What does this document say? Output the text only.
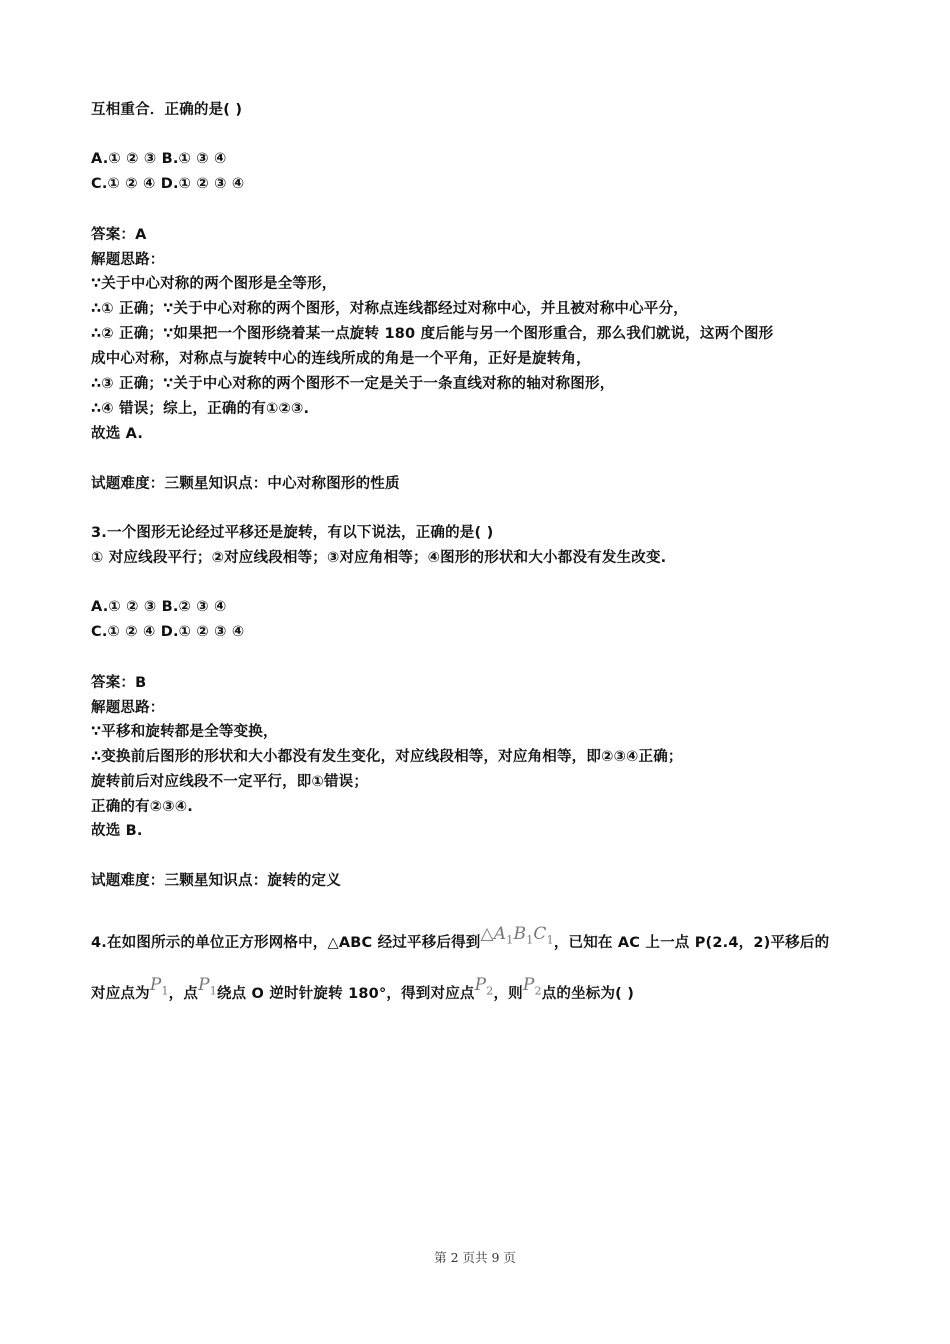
互相重合．正确的是( )
A.① ② ③ B.① ③ ④
C.① ② ④ D.① ② ③ ④
答案：A
解题思路：
∵关于中心对称的两个图形是全等形，
∴① 正确；∵关于中心对称的两个图形，对称点连线都经过对称中心，并且被对称中心平分，
∴② 正确；∵如果把一个图形绕着某一点旋转 180 度后能与另一个图形重合，那么我们就说，这两个图形
成中心对称，对称点与旋转中心的连线所成的角是一个平角，正好是旋转角，
∴③ 正确；∵关于中心对称的两个图形不一定是关于一条直线对称的轴对称图形，
∴④ 错误；综上，正确的有①②③.
故选 A.
试题难度：三颗星知识点：中心对称图形的性质
3.一个图形无论经过平移还是旋转，有以下说法，正确的是( )
① 对应线段平行；②对应线段相等；③对应角相等；④图形的形状和大小都没有发生改变.
A.① ② ③ B.② ③ ④
C.① ② ④ D.① ② ③ ④
答案：B
解题思路：
∵平移和旋转都是全等变换，
∴变换前后图形的形状和大小都没有发生变化，对应线段相等，对应角相等，即②③④正确；
旋转前后对应线段不一定平行，即①错误；
正确的有②③④.
故选 B.
试题难度：三颗星知识点：旋转的定义
4.在如图所示的单位正方形网格中，△ABC 经过平移后得到$\triangle A_1B_1C_1$，已知在 AC 上一点 P(2.4，2)平移后的
对应点为$P_1$，点$P_1$绕点 O 逆时针旋转 180°，得到对应点$P_2$，则$P_2$点的坐标为( )
第 2 页共 9 页
